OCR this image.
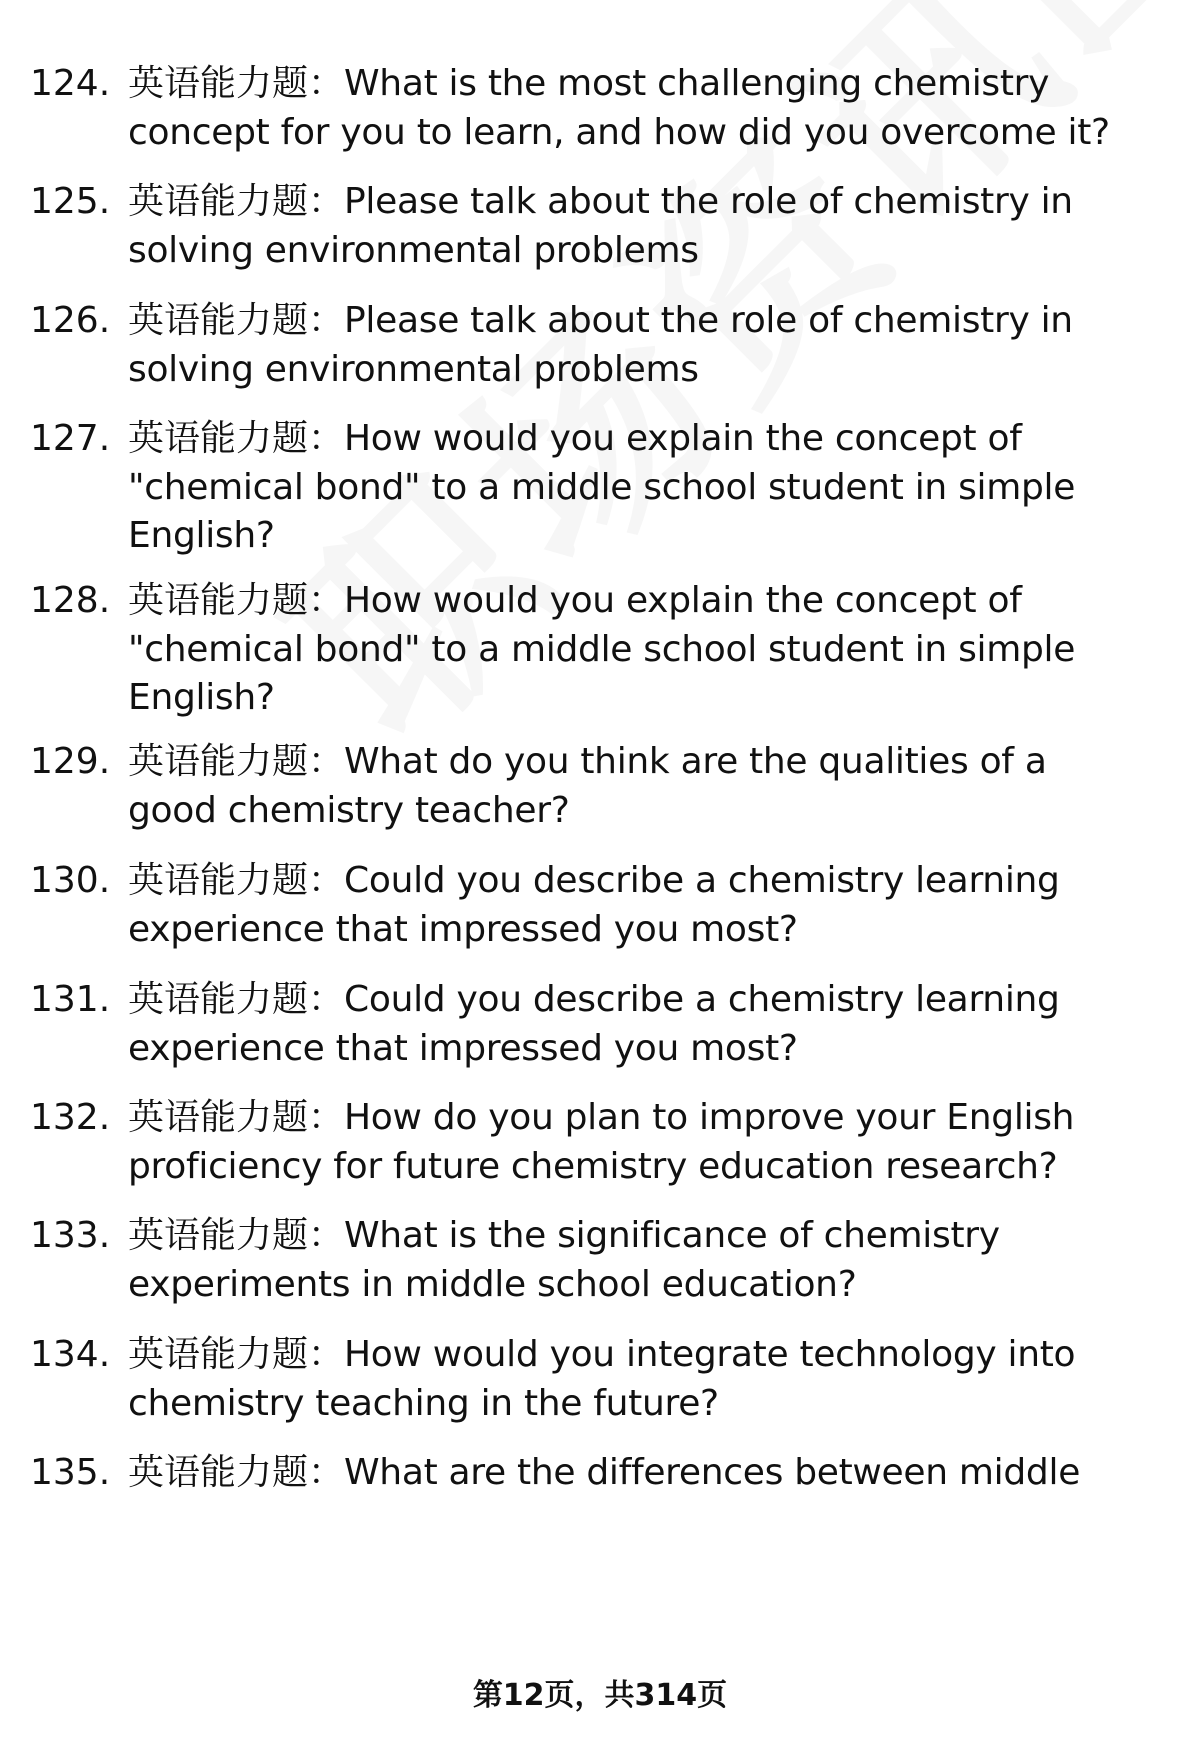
124. 英语能力题：What is the most challenging chemistry concept for you to learn, and how did you overcome it?
125. 英语能力题：Please talk about the role of chemistry in solving environmental problems
126. 英语能力题：Please talk about the role of chemistry in solving environmental problems
127. 英语能力题：How would you explain the concept of "chemical bond" to a middle school student in simple English?
128. 英语能力题：How would you explain the concept of "chemical bond" to a middle school student in simple English?
129. 英语能力题：What do you think are the qualities of a good chemistry teacher?
130. 英语能力题：Could you describe a chemistry learning experience that impressed you most?
131. 英语能力题：Could you describe a chemistry learning experience that impressed you most?
132. 英语能力题：How do you plan to improve your English proficiency for future chemistry education research?
133. 英语能力题：What is the significance of chemistry experiments in middle school education?
134. 英语能力题：How would you integrate technology into chemistry teaching in the future?
135. 英语能力题：What are the differences between middle
第12页，共314页
